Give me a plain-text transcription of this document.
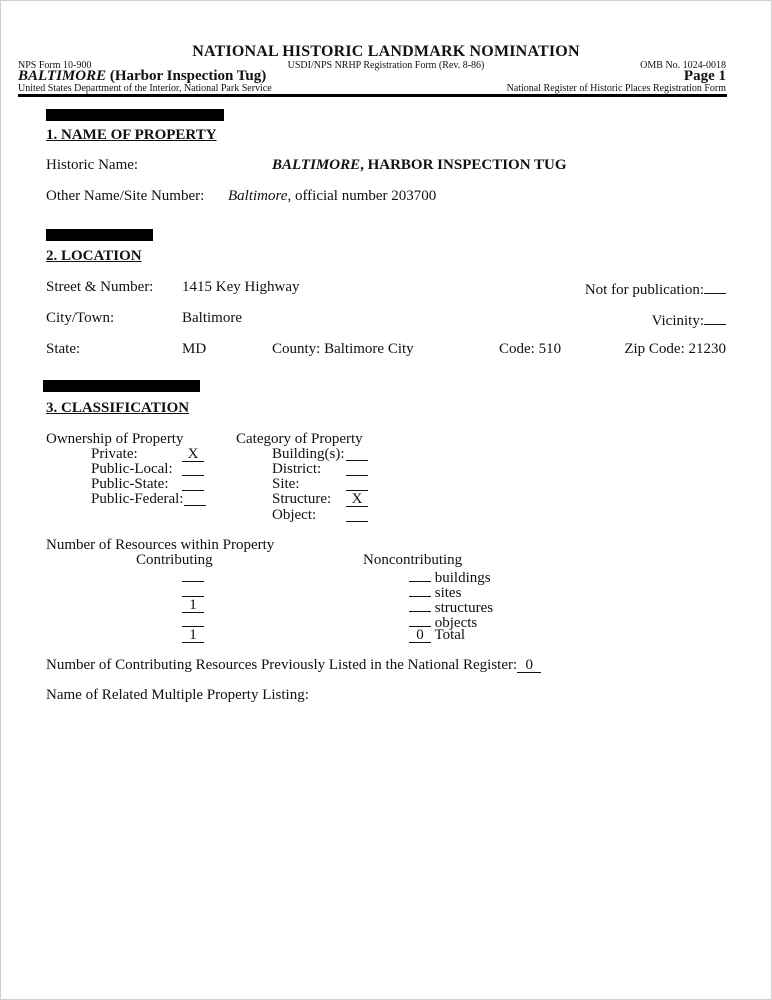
NATIONAL HISTORIC LANDMARK NOMINATION
NPS Form 10-900	USDI/NPS NRHP Registration Form (Rev. 8-86)	OMB No. 1024-0018
BALTIMORE (Harbor Inspection Tug)	Page 1
United States Department of the Interior, National Park Service	National Register of Historic Places Registration Form
1. NAME OF PROPERTY
Historic Name:	BALTIMORE, HARBOR INSPECTION TUG
Other Name/Site Number: Baltimore, official number 203700
2. LOCATION
Street & Number: 1415 Key Highway	Not for publication:
City/Town:	Baltimore	Vicinity:
State:	MD	County: Baltimore City	Code: 510	Zip Code: 21230
3. CLASSIFICATION
Ownership of Property
Private:	X
Public-Local:
Public-State:
Public-Federal:
Category of Property
Building(s):
District:
Site:
Structure:	X
Object:
Number of Resources within Property
Contributing	Noncontributing
buildings
sites
1	structures
objects
1	0 Total
Number of Contributing Resources Previously Listed in the National Register: 0
Name of Related Multiple Property Listing:
